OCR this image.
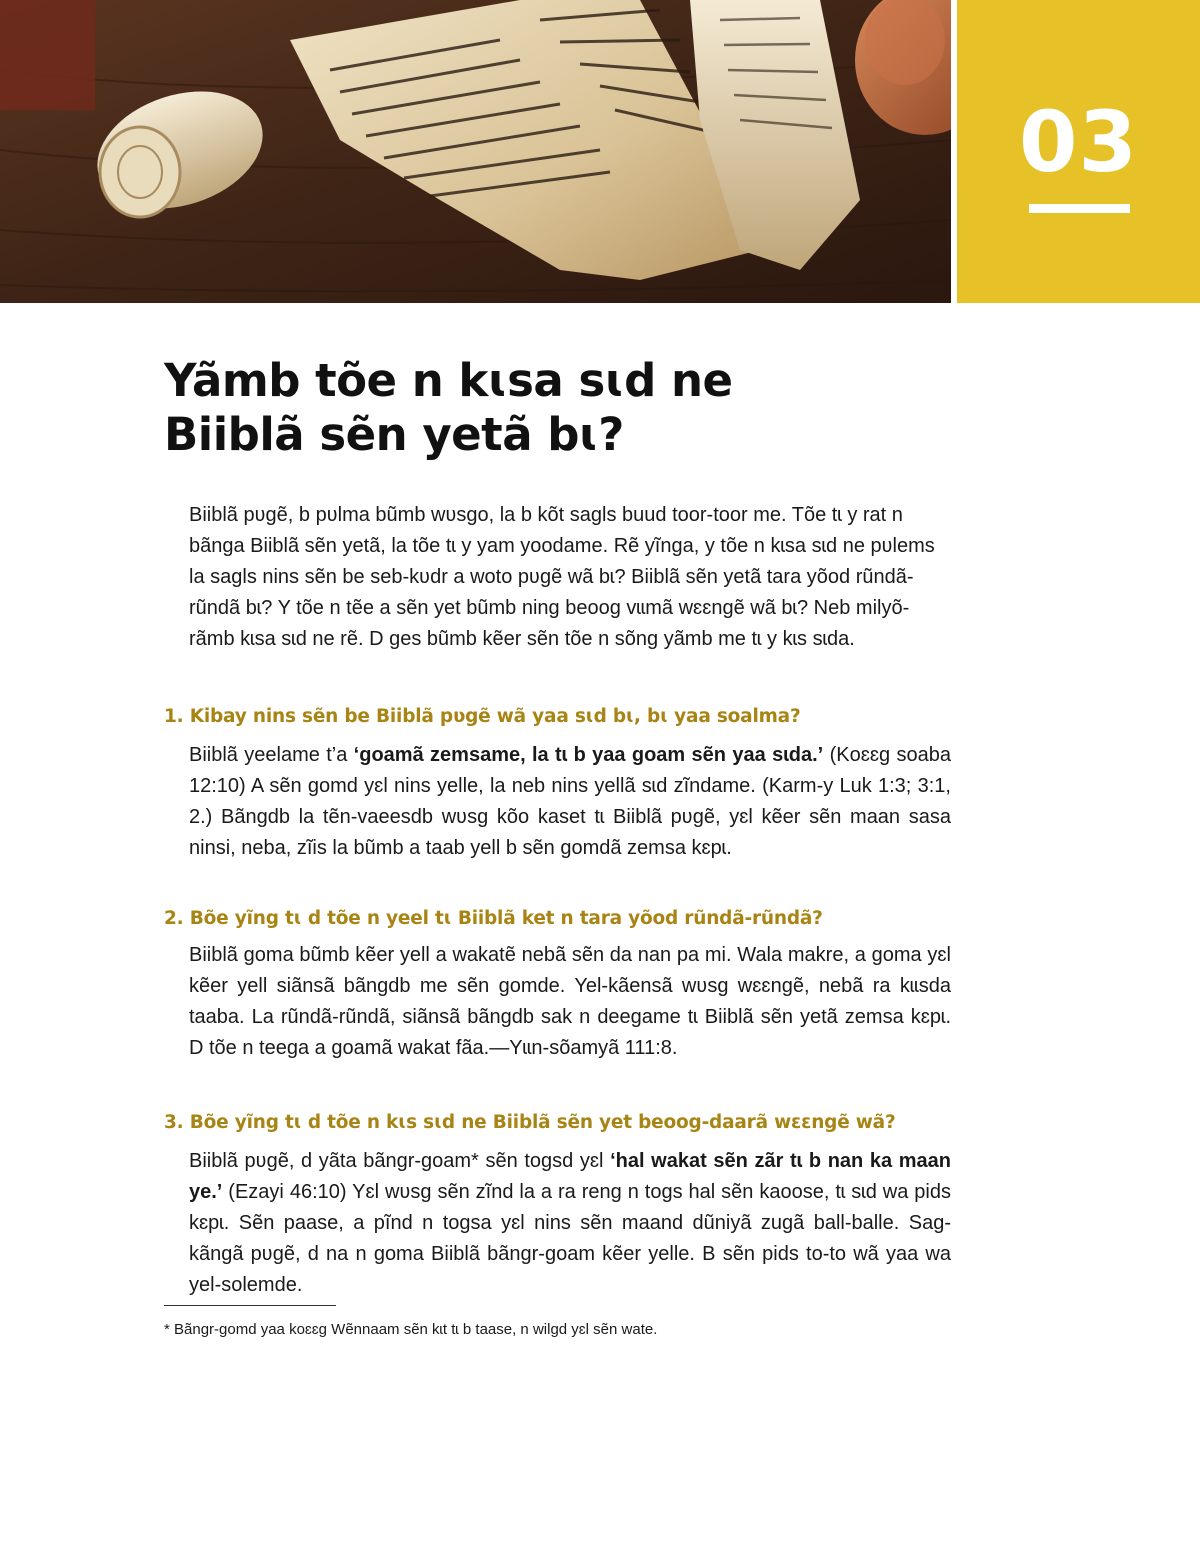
03
Yãmb tõe n kɩsa sɩd ne
Biiblã sẽn yetã bɩ?

Biiblã pʋgẽ, b pʋlma bũmb wʋsgo, la b kõt sagls buud toor-toor me. Tõe tɩ y rat n bãnga Biiblã sẽn yetã, la tõe tɩ y yam yoodame. Rẽ yĩnga, y tõe n kɩsa sɩd ne pʋlems la sagls nins sẽn be seb-kʋdr a woto pʋgẽ wã bɩ? Biiblã sẽn yetã tara yõod rũndã-rũndã bɩ? Y tõe n tẽe a sẽn yet bũmb ning beoog vɩɩmã wɛɛngẽ wã bɩ? Neb milyõ-rãmb kɩsa sɩd ne rẽ. D ges bũmb kẽer sẽn tõe n sõng yãmb me tɩ y kɩs sɩda.

1. Kibay nins sẽn be Biiblã pʋgẽ wã yaa sɩd bɩ, bɩ yaa soalma?

Biiblã yeelame t’a ‘goamã zemsame, la tɩ b yaa goam sẽn yaa sɩda.’ (Koɛɛg soaba 12:10) A sẽn gomd yɛl nins yelle, la neb nins yellã sɩd zĩndame. (Karm-y Luk 1:3; 3:1, 2.) Bãngdb la tẽn-vaeesdb wʋsg kõo kaset tɩ Biiblã pʋgẽ, yɛl kẽer sẽn maan sasa ninsi, neba, zĩis la bũmb a taab yell b sẽn gomdã zemsa kɛpɩ.

2. Bõe yĩng tɩ d tõe n yeel tɩ Biiblã ket n tara yõod rũndã-rũndã?

Biiblã goma bũmb kẽer yell a wakatẽ nebã sẽn da nan pa mi. Wala makre, a goma yɛl kẽer yell siãnsã bãngdb me sẽn gomde. Yel-kãensã wʋsg wɛɛngẽ, nebã ra kɩɩsda taaba. La rũndã-rũndã, siãnsã bãngdb sak n deegame tɩ Biiblã sẽn yetã zemsa kɛpɩ. D tõe n teega a goamã wakat fãa.—Yɩɩn-sõamyã 111:8.

3. Bõe yĩng tɩ d tõe n kɩs sɩd ne Biiblã sẽn yet beoog-daarã wɛɛngẽ wã?

Biiblã pʋgẽ, d yãta bãngr-goam* sẽn togsd yɛl ‘hal wakat sẽn zãr tɩ b nan ka maan ye.’ (Ezayi 46:10) Yɛl wʋsg sẽn zĩnd la a ra reng n togs hal sẽn kaoose, tɩ sɩd wa pids kɛpɩ. Sẽn paase, a pĩnd n togsa yɛl nins sẽn maand dũniyã zugã ball-balle. Sag-kãngã pʋgẽ, d na n goma Biiblã bãngr-goam kẽer yelle. B sẽn pids to-to wã yaa wa yel-solemde.

* Bãngr-gomd yaa koɛɛg Wẽnnaam sẽn kɩt tɩ b taase, n wilgd yɛl sẽn wate.
